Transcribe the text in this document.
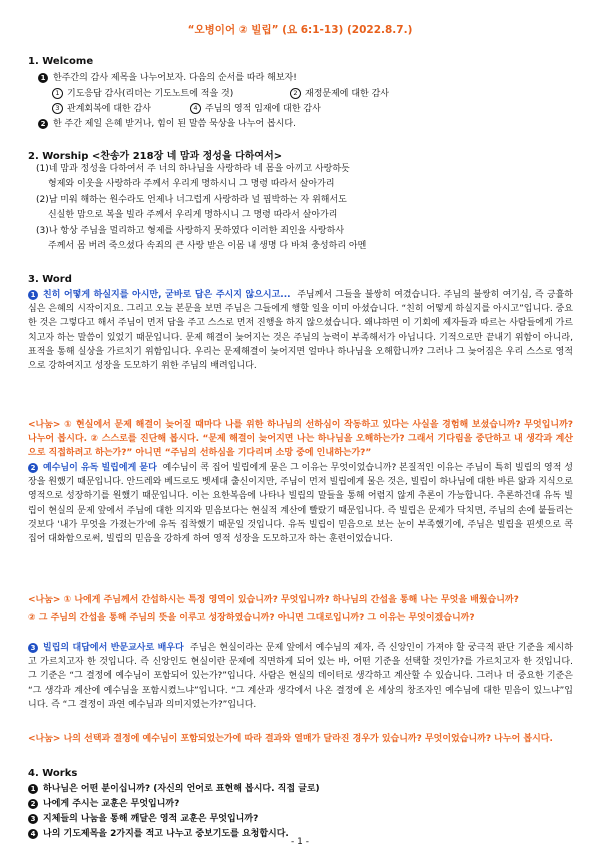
“오병이어 ② 빌립” (요 6:1-13) (2022.8.7.)
1. Welcome
1 한주간의 감사 제목을 나누어보자. 다음의 순서를 따라 해보자!
1 기도응답 감사(리더는 기도노트에 적을 것)	2 재정문제에 대한 감사
3 관계회복에 대한 감사	4 주님의 영적 임재에 대한 감사
2 한 주간 제일 은혜 받거나, 힘이 된 말씀 묵상을 나누어 봅시다.
2. Worship <찬송가 218장 네 맘과 정성을 다하여서>
(1)네 맘과 정성을 다하여서 주 너의 하나님을 사랑하라 네 몸을 아끼고 사랑하듯
형제와 이웃을 사랑하라 주께서 우리게 명하시니 그 명령 따라서 살아가리
(2)남 미워 해하는 원수라도 언제나 너그럽게 사랑하라 널 핍박하는 자 위해서도
신실한 맘으로 복을 빌라 주께서 우리게 명하시니 그 명령 따라서 살아가리
(3)나 항상 주님을 멀리하고 형제를 사랑하지 못하였다 이러한 죄인을 사랑하사
주께서 몸 버려 죽으셨다 속죄의 큰 사랑 받은 이몸 내 생명 다 바쳐 충성하리 아멘
3. Word
1 친히 어떻게 하실지를 아시만, 굳바로 답은 주시지 않으시고... 주님께서 그들을 불쌍히 여겼습니다. 주님의 불쌍히 여기심, 즉 긍휼하심은 은혜의 시작이지요. 그리고 오늘 본문을 보면 주님은 그들에게 행할 일을 이미 아셨습니다. “친히 어떻게 하실지를 아시고”입니다. 중요한 것은 그렇다고 해서 주님이 먼저 답을 주고 스스로 먼저 진행을 하지 않으셨습니다. 왜냐하면 이 기회에 제자들과 따르는 사람들에게 가르치고자 하는 말씀이 있었기 때문입니다. 문제 해결이 늦어지는 것은 주님의 능력이 부족해서가 아닙니다. 기적으로만 끝내기 위함이 아니라, 표적을 통해 실상을 가르치기 위함입니다. 우리는 문제해결이 늦어지면 얼마나 하나님을 오해합니까? 그러나 그 늦어짐은 우리 스스로 영적으로 강하여지고 성장을 도모하기 위한 주님의 배려입니다.
<나눔> ① 현실에서 문제 해결이 늦어질 때마다 나를 위한 하나님의 선하심이 작동하고 있다는 사실을 경험해 보셨습니까? 무엇입니까? 나누어 봅시다. ② 스스로를 진단해 봅시다. “문제 해결이 늦어지면 나는 하나님을 오해하는가? 그래서 기다림을 중단하고 내 생각과 계산으로 직접하려고 하는가?” 아니면 “주님의 선하심을 기다리며 소망 중에 인내하는가?”
2 예수님이 유독 빌립에게 묻다 예수님이 콕 집어 빌립에게 묻은 그 이유는 무엇이었습니까? 본질적인 이유는 주님이 특히 빌립의 영적 성장을 원했기 때문입니다. 안드레와 베드로도 벳세대 출신이지만, 주님이 먼저 빌립에게 물은 것은, 빌립이 하나님에 대한 바른 앎과 지식으로 영적으로 성장하기를 원했기 때문입니다. 이는 요한복음에 나타나 빌립의 말들을 통해 어렴지 않게 추론이 가능합니다. 추론하건대 유독 빌립이 현실의 문제 앞에서 주님에 대한 의지와 믿음보다는 현실적 계산에 빨랐기 때문입니다. 즉 빌립은 문제가 닥치면, 주님의 손에 붙들리는 것보다 '내가 무엇을 가졌는가'에 유독 집착했기 때문일 것입니다. 유독 빌립이 믿음으로 보는 눈이 부족했기에, 주님은 빌립을 핀셋으로 콕 집어 대화함으로써, 빌립의 믿음을 강하게 하여 영적 성장을 도모하고자 하는 훈련이었습니다.
<나눔> ① 나에게 주님께서 간섭하시는 특정 영역이 있습니까? 무엇입니까? 하나님의 간섭을 통해 나는 무엇을 배웠습니까?
② 그 주님의 간섭을 통해 주님의 뜻을 이루고 성장하였습니까? 아니면 그대로입니까? 그 이유는 무엇이겠습니까?
3 빌립의 대답에서 반문교사로 배우다 주님은 현실이라는 문제 앞에서 예수님의 제자, 즉 신앙인이 가져야 할 궁극적 판단 기준을 제시하고 가르치고자 한 것입니다. 즉 신앙인도 현실이란 문제에 직면하게 되어 있는 바, 어떤 기준을 선택할 것인가?를 가르치고자 한 것입니다. 그 기준은 “그 결정에 예수님이 포함되어 있는가?”입니다. 사람은 현실의 데이터로 생각하고 계산할 수 있습니다. 그러나 더 중요한 기준은 “그 생각과 계산에 예수님을 포함시켰느냐”입니다. “그 계산과 생각에서 나온 결정에 온 세상의 창조자인 예수님에 대한 믿음이 있느냐”입니다. 즉 “그 결정이 과연 예수님과 의미지였는가?”입니다.
<나눔> 나의 선택과 결정에 예수님이 포함되었는가에 따라 결과와 열매가 달라진 경우가 있습니까? 무엇이었습니까? 나누어 봅시다.
4. Works
1 하나님은 어떤 분이십니까? (자신의 언어로 표현해 봅시다. 직접 글로)
2 나에게 주시는 교훈은 무엇입니까?
3 지체들의 나눔을 통해 깨달은 영적 교훈은 무엇입니까?
4 나의 기도제목을 2가지를 적고 나누고 중보기도를 요청합시다.
- 1 -
